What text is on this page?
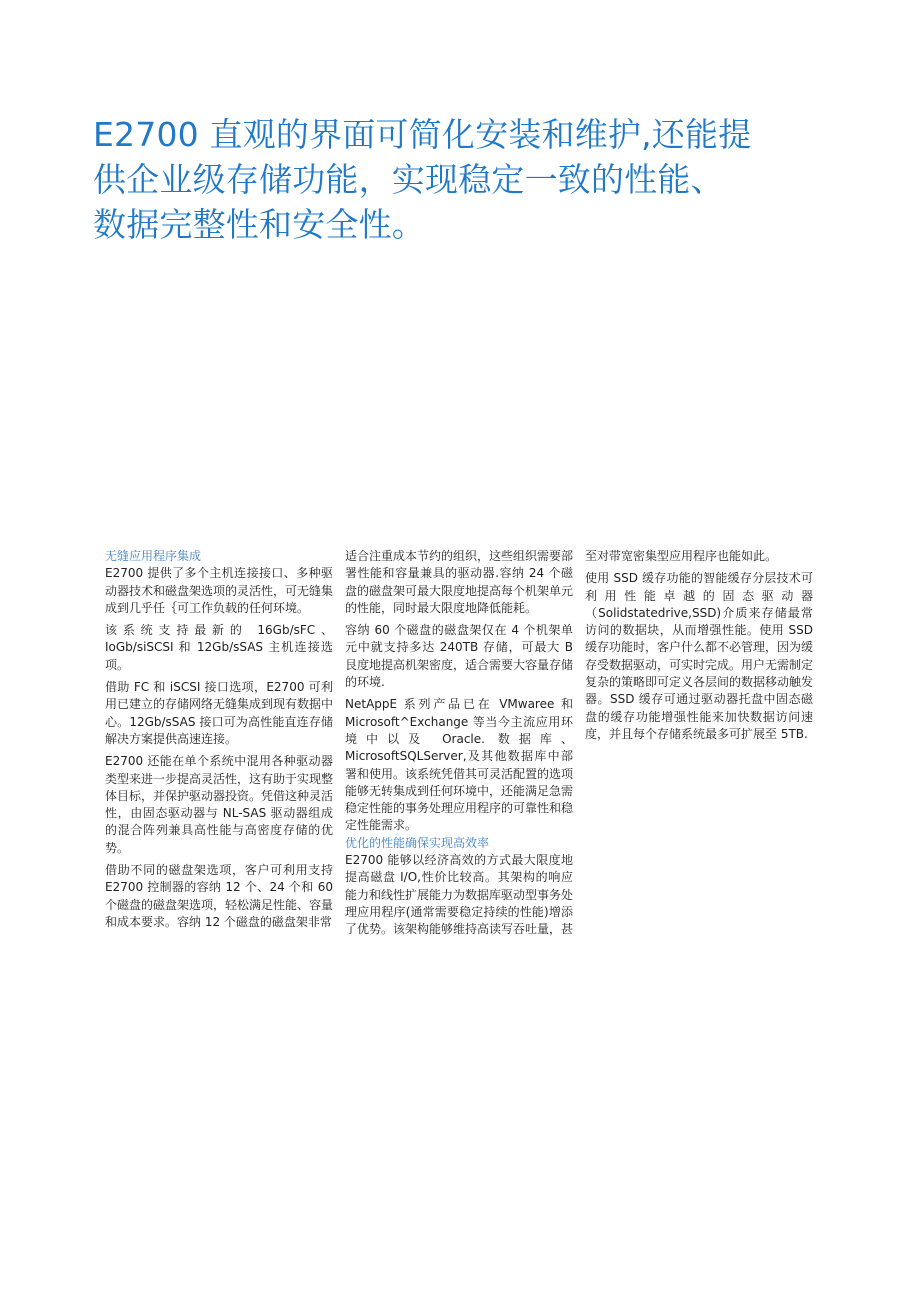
E2700 直观的界面可简化安装和维护,还能提
供企业级存储功能，实现稳定一致的性能、
数据完整性和安全性。
无缝应用程序集成

E2700 提供了多个主机连接接口、多种驱动器技术和磁盘架选项的灵活性，可无缝集成到几乎任｛可工作负载的任何环境。

该系统支持最新的 16Gb/sFC、IoGb/siSCSI 和 12Gb/sSAS 主机连接选项。

借助 FC 和 iSCSI 接口选项，E2700 可利用已建立的存储网络无缝集成到现有数据中心。12Gb/sSAS 接口可为高性能直连存储解决方案提供高速连接。

E2700 还能在单个系统中混用各种驱动器类型来进一步提高灵活性，这有助于实现整体目标，并保护驱动器投资。凭借这种灵活性，由固态驱动器与 NL-SAS 驱动器组成的混合阵列兼具高性能与高密度存储的优势。

借助不同的磁盘架选项，客户可利用支持 E2700 控制器的容纳 12 个、24 个和 60 个磁盘的磁盘架选项，轻松满足性能、容量和成本要求。容纳 12 个磁盘的磁盘架非常

适合注重成本节约的组织，这些组织需要部署性能和容量兼具的驱动器.容纳 24 个磁盘的磁盘架可最大限度地提高每个机架单元的性能，同时最大限度地降低能耗。

容纳 60 个磁盘的磁盘架仅在 4 个机架单元中就支持多达 240TB 存储，可最大 B 艮度地提高机架密度，适合需要大容量存储的环境.

NetAppE 系列产品已在 VMwaree 和 Microsoft^Exchange 等当今主流应用环境中以及 Oracle. 数据库、MicrosoftSQLServer,及其他数据库中部署和使用。该系统凭借其可灵活配置的选项能够无转集成到任何环境中，还能满足急需稳定性能的事务处理应用程序的可靠性和稳定性能需求。

优化的性能确保实现高效率

E2700 能够以经济高效的方式最大限度地提高磁盘 I/O,性价比较高。其架构的响应能力和线性扩展能力为数据库驱动型事务处理应用程序(通常需要稳定持续的性能)增添了优势。该架构能够维持高读写吞吐量，甚

至对带宽密集型应用程序也能如此。

使用 SSD 缓存功能的智能缓存分层技术可利用性能卓越的固态驱动器（Solidstatedrive,SSD)介质来存储最常访问的数据块，从而增强性能。使用 SSD 缓存功能时，客户什么都不必管理，因为缓存受数据驱动，可实时完成。用户无需制定复杂的策略即可定义各层间的数据移动触发器。SSD 缓存可通过驱动器托盘中固态磁盘的缓存功能增强性能来加快数据访问速度，并且每个存储系统最多可扩展至 5TB.
